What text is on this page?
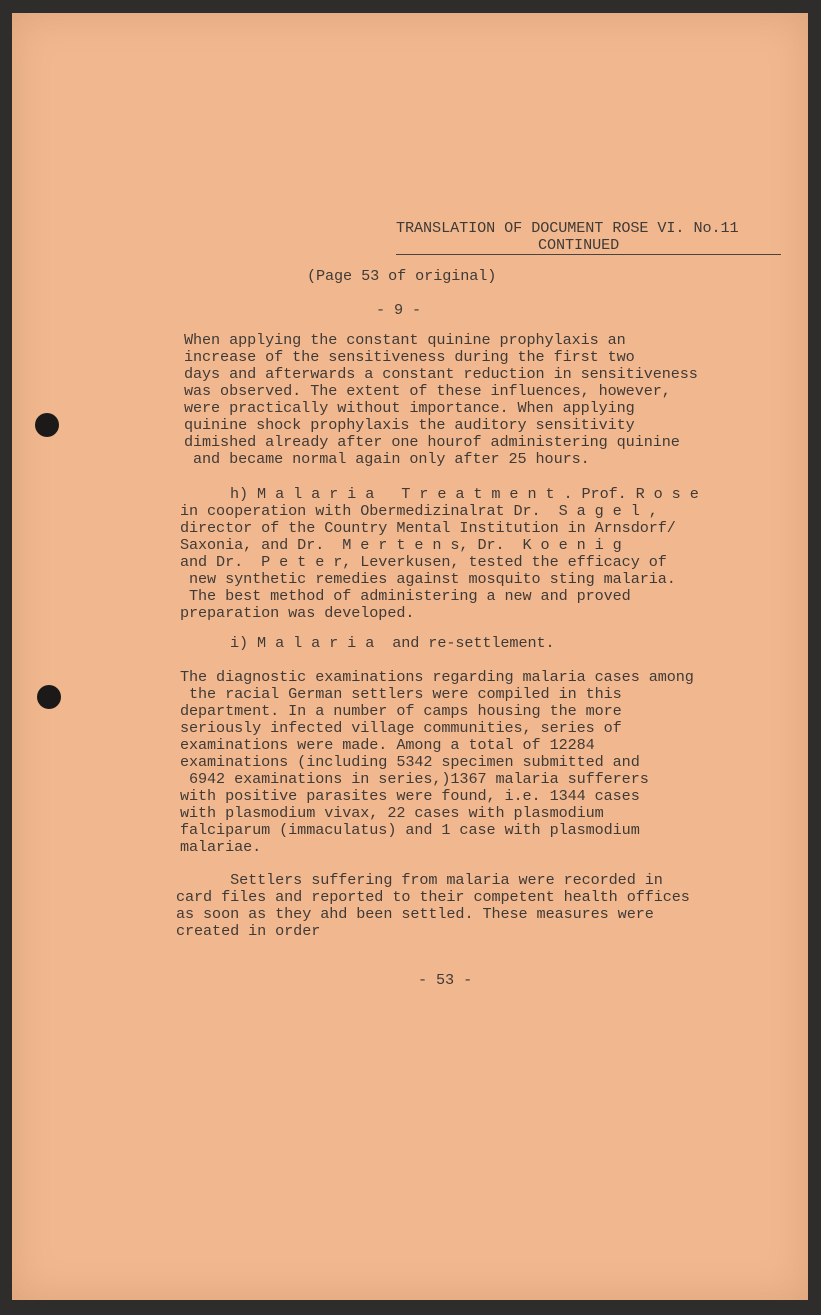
TRANSLATION OF DOCUMENT ROSE VI. No.11

CONTINUED

(Page 53 of original)

- 9 -

When applying the constant quinine prophylaxis an
increase of the sensitiveness during the first two
days and afterwards a constant reduction in sensitiveness
was observed. The extent of these influences, however,
were practically without importance. When applying
quinine shock prophylaxis the auditory sensitivity
dimished already after one hourof administering quinine
and became normal again only after 25 hours.

h) M a l a r i a   T r e a t m e n t . Prof. R o s e

in cooperation with Obermedizinalrat Dr.  S a g e l ,
director of the Country Mental Institution in Arnsdorf/
Saxonia, and Dr.  M e r t e n s, Dr.  K o e n i g
and Dr.  P e t e r, Leverkusen, tested the efficacy of
new synthetic remedies against mosquito sting malaria.
The best method of administering a new and proved
preparation was developed.

i) M a l a r i a  and re-settlement.

The diagnostic examinations regarding malaria cases among
the racial German settlers were compiled in this
department. In a number of camps housing the more
seriously infected village communities, series of
examinations were made. Among a total of 12284
examinations (including 5342 specimen submitted and
6942 examinations in series,)1367 malaria sufferers
with positive parasites were found, i.e. 1344 cases
with plasmodium vivax, 22 cases with plasmodium
falciparum (immaculatus) and 1 case with plasmodium
malariae.

Settlers suffering from malaria were recorded in
card files and reported to their competent health offices
as soon as they ahd been settled. These measures were
created in order

- 53 -
